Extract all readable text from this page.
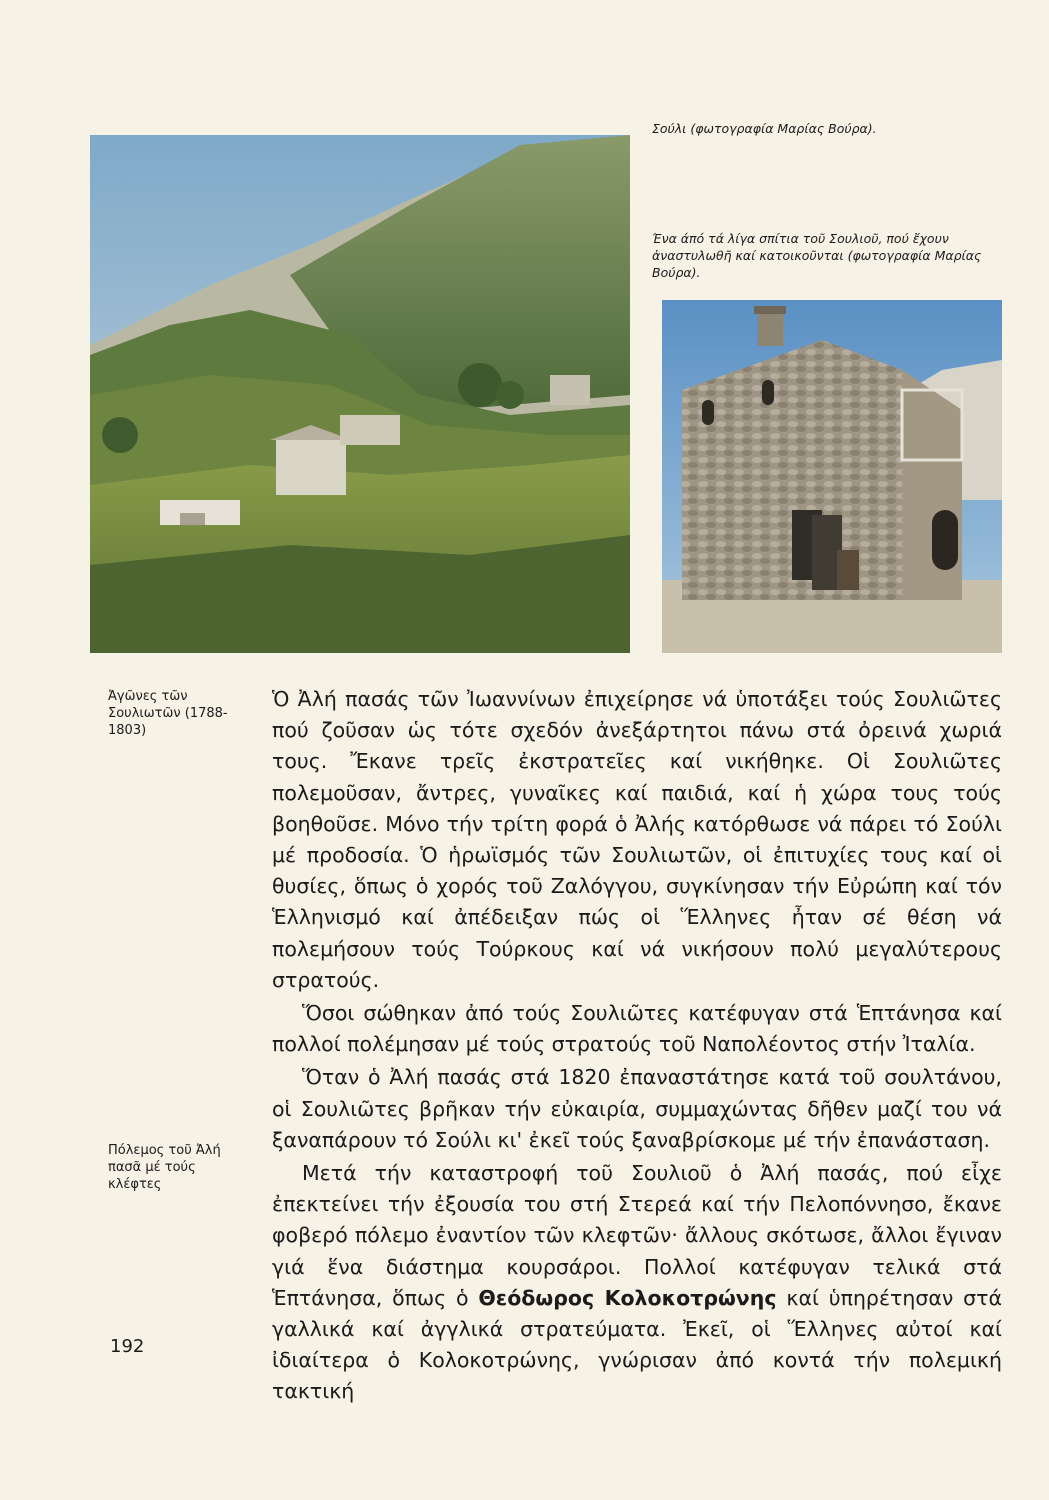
Σούλι (φωτογραφία Μαρίας Βούρα).
Ένα άπό τά λίγα σπίτια τοῦ Σουλιοῦ, πού ἔχουν ἀναστυλωθῆ καί κατοικοῦνται (φωτογραφία Μαρίας Βούρα).
Ἀγῶνες τῶν Σουλιωτῶν (1788-1803)
Πόλεμος τοῦ Ἀλή πασᾶ μέ τούς κλέφτες
192

Ὁ Ἀλή πασάς τῶν Ἰωαννίνων ἐπιχείρησε νά ὑποτάξει τούς Σουλιῶτες πού ζοῦσαν ὡς τότε σχεδόν ἀνεξάρτητοι πάνω στά ὀρεινά χωριά τους. Ἔκανε τρεῖς ἐκστρατεῖες καί νικήθηκε. Οἱ Σουλιῶτες πολεμοῦσαν, ἄντρες, γυναῖκες καί παιδιά, καί ἡ χώρα τους τούς βοηθοῦσε. Μόνο τήν τρίτη φορά ὁ Ἀλής κατόρθωσε νά πάρει τό Σούλι μέ προδοσία. Ὁ ἡρωϊσμός τῶν Σουλιωτῶν, οἱ ἐπιτυχίες τους καί οἱ θυσίες, ὅπως ὁ χορός τοῦ Ζαλόγγου, συγκίνησαν τήν Εὐρώπη καί τόν Ἑλληνισμό καί ἀπέδειξαν πώς οἱ Ἕλληνες ἦταν σέ θέση νά πολεμήσουν τούς Τούρκους καί νά νικήσουν πολύ μεγαλύτερους στρατούς.

Ὅσοι σώθηκαν ἀπό τούς Σουλιῶτες κατέφυγαν στά Ἑπτάνησα καί πολλοί πολέμησαν μέ τούς στρατούς τοῦ Ναπολέοντος στήν Ἰταλία.

Ὅταν ὁ Ἀλή πασάς στά 1820 ἐπαναστάτησε κατά τοῦ σουλτάνου, οἱ Σουλιῶτες βρῆκαν τήν εὐκαιρία, συμμαχώντας δῆθεν μαζί του νά ξαναπάρουν τό Σούλι κι' ἐκεῖ τούς ξαναβρίσκομε μέ τήν ἐπανάσταση.

Μετά τήν καταστροφή τοῦ Σουλιοῦ ὁ Ἀλή πασάς, πού εἶχε ἐπεκτείνει τήν ἐξουσία του στή Στερεά καί τήν Πελοπόννησο, ἔκανε φοβερό πόλεμο ἐναντίον τῶν κλεφτῶν· ἄλλους σκότωσε, ἄλλοι ἔγιναν γιά ἕνα διάστημα κουρσάροι. Πολλοί κατέφυγαν τελικά στά Ἑπτάνησα, ὅπως ὁ Θεόδωρος Κολοκοτρώνης καί ὑπηρέτησαν στά γαλλικά καί ἀγγλικά στρατεύματα. Ἐκεῖ, οἱ Ἕλληνες αὐτοί καί ἰδιαίτερα ὁ Κολοκοτρώνης, γνώρισαν ἀπό κοντά τήν πολεμική τακτική
